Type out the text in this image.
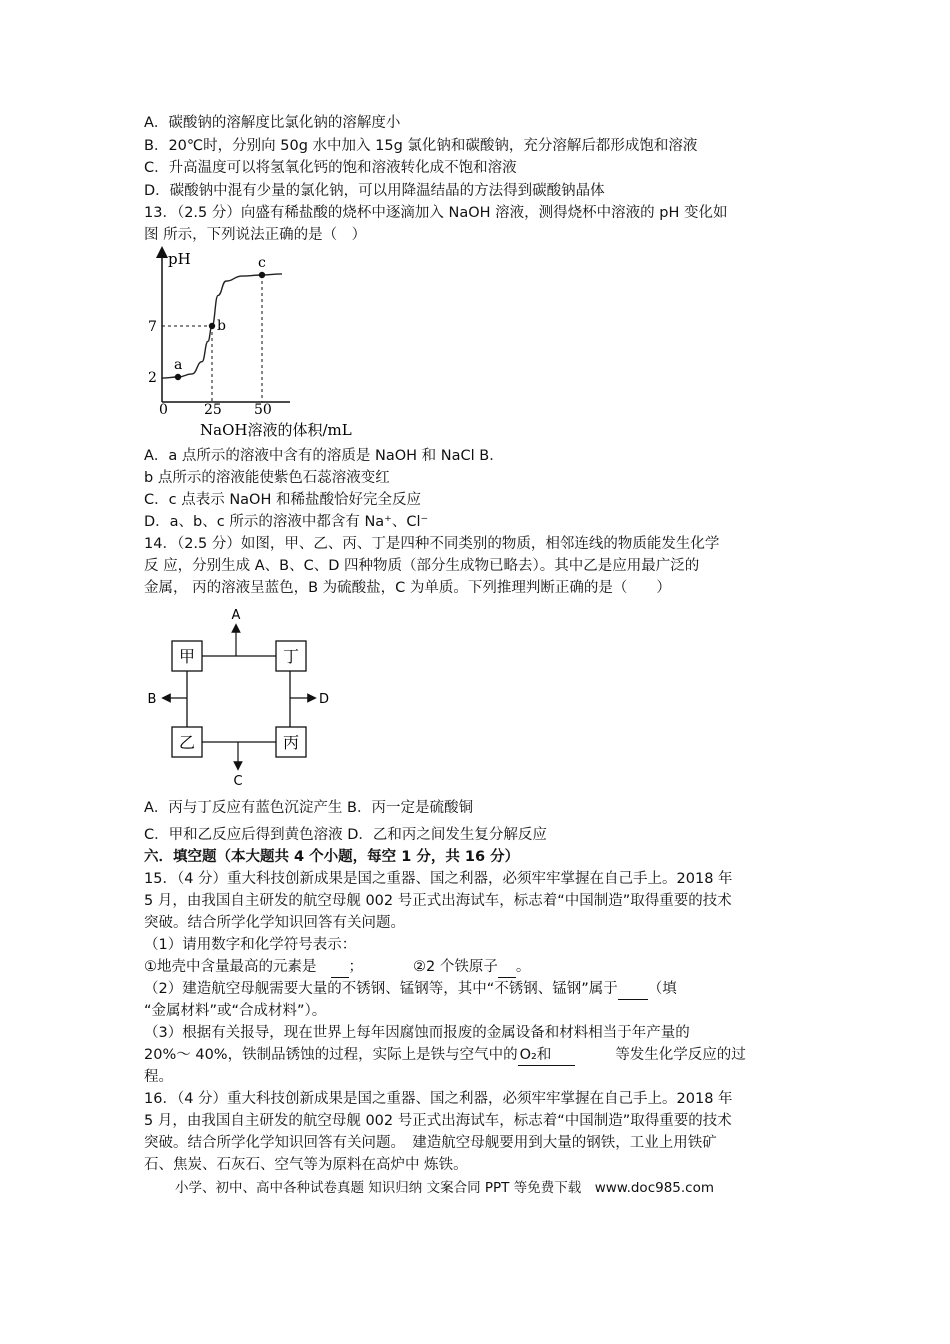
A．碳酸钠的溶解度比氯化钠的溶解度小
B．20℃时，分别向 50g 水中加入 15g 氯化钠和碳酸钠，充分溶解后都形成饱和溶液
C．升高温度可以将氢氧化钙的饱和溶液转化成不饱和溶液
D．碳酸钠中混有少量的氯化钠，可以用降温结晶的方法得到碳酸钠晶体
13．（2.5 分）向盛有稀盐酸的烧杯中逐滴加入 NaOH 溶液，测得烧杯中溶液的 pH 变化如
图 所示，下列说法正确的是（　）
pH
a
b
c
2
7
0	25 50
NaOH溶液的体积/mL
A．a 点所示的溶液中含有的溶质是 NaOH 和 NaCl B．
b 点所示的溶液能使紫色石蕊溶液变红
C．c 点表示 NaOH 和稀盐酸恰好完全反应
D．a、b、c 所示的溶液中都含有 Na⁺、Cl⁻
14．（2.5 分）如图，甲、乙、丙、丁是四种不同类别的物质，相邻连线的物质能发生化学
反 应，分别生成 A、B、C、D 四种物质（部分生成物已略去）。其中乙是应用最广泛的
金属， 丙的溶液呈蓝色，B 为硫酸盐，C 为单质。下列推理判断正确的是（　　）
甲	丁
乙	丙
A
B	D
C
A．丙与丁反应有蓝色沉淀产生 B．丙一定是硫酸铜
C．甲和乙反应后得到黄色溶液 D．乙和丙之间发生复分解反应
六．填空题（本大题共 4 个小题，每空 1 分，共 16 分）
15．（4 分）重大科技创新成果是国之重器、国之利器，必须牢牢掌握在自己手上。2018 年
5 月，由我国自主研发的航空母舰 002 号正式出海试车，标志着“中国制造”取得重要的技术
突破。结合所学化学知识回答有关问题。
（1）请用数字和化学符号表示：
①地壳中含量最高的元素是 ；	②2 个铁原子 。
（2）建造航空母舰需要大量的不锈钢、锰钢等，其中“不锈钢、锰钢”属于 （填
“金属材料”或“合成材料”）。
（3）根据有关报导，现在世界上每年因腐蚀而报废的金属设备和材料相当于年产量的
20%～ 40%，铁制品锈蚀的过程，实际上是铁与空气中的 O₂和	等发生化学反应的过
程。
16．（4 分）重大科技创新成果是国之重器、国之利器，必须牢牢掌握在自己手上。2018 年
5 月，由我国自主研发的航空母舰 002 号正式出海试车，标志着“中国制造”取得重要的技术
突破。结合所学化学知识回答有关问题。　建造航空母舰要用到大量的钢铁，工业上用铁矿
石、焦炭、石灰石、空气等为原料在高炉中 炼铁。
小学、初中、高中各种试卷真题 知识归纳 文案合同 PPT 等免费下载　www.doc985.com
